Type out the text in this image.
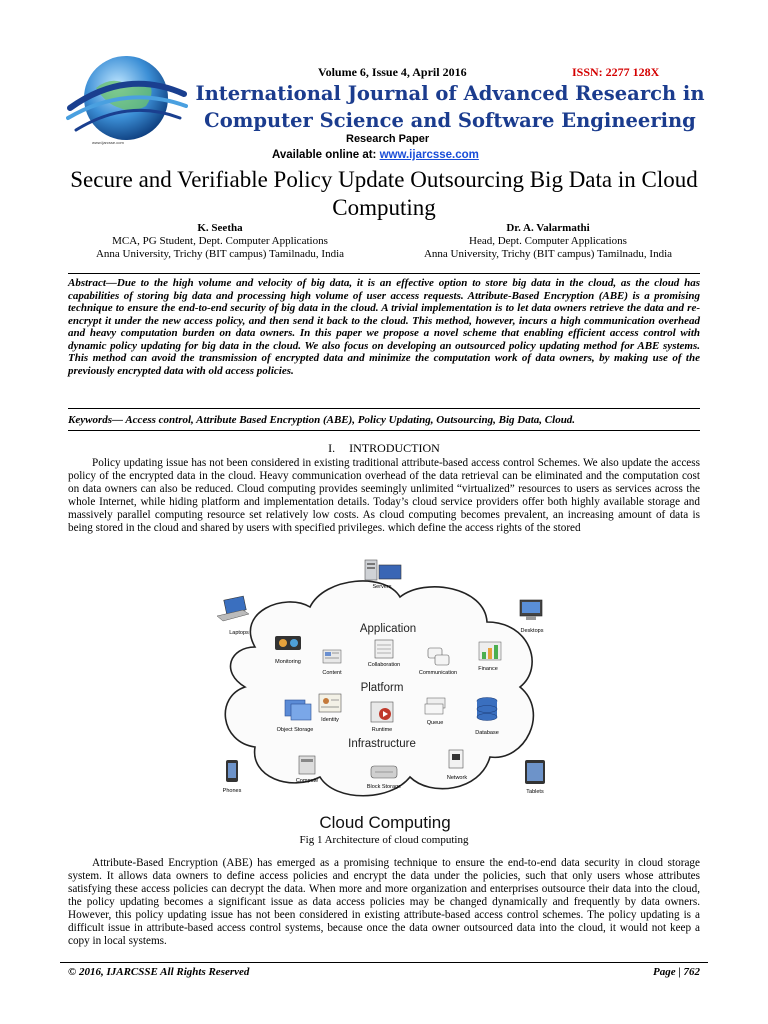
www.ijarcsse.com
Volume 6, Issue 4, April 2016	ISSN: 2277 128X
International Journal of Advanced Research in Computer Science and Software Engineering
Research Paper
Available online at: www.ijarcsse.com
Secure and Verifiable Policy Update Outsourcing Big Data in Cloud Computing
K. Seetha
MCA, PG Student, Dept. Computer Applications
Anna University, Trichy (BIT campus) Tamilnadu, India
Dr. A. Valarmathi
Head, Dept. Computer Applications
Anna University, Trichy (BIT campus) Tamilnadu, India
Abstract—Due to the high volume and velocity of big data, it is an effective option to store big data in the cloud, as the cloud has capabilities of storing big data and processing high volume of user access requests. Attribute-Based Encryption (ABE) is a promising technique to ensure the end-to-end security of big data in the cloud. A trivial implementation is to let data owners retrieve the data and re-encrypt it under the new access policy, and then send it back to the cloud. This method, however, incurs a high communication overhead and heavy computation burden on data owners. In this paper we propose a novel scheme that enabling efficient access control with dynamic policy updating for big data in the cloud. We also focus on developing an outsourced policy updating method for ABE systems. This method can avoid the transmission of encrypted data and minimize the computation work of data owners, by making use of the previously encrypted data with old access policies.
Keywords— Access control, Attribute Based Encryption (ABE), Policy Updating, Outsourcing, Big Data, Cloud.
I. INTRODUCTION
Policy updating issue has not been considered in existing traditional attribute-based access control Schemes. We also update the access policy of the encrypted data in the cloud. Heavy communication overhead of the data retrieval can be eliminated and the computation cost on data owners can also be reduced. Cloud computing provides seemingly unlimited “virtualized” resources to users as services across the whole Internet, while hiding platform and implementation details. Today’s cloud service providers offer both highly available storage and massively parallel computing resource set relatively low costs. As cloud computing becomes prevalent, an increasing amount of data is being stored in the cloud and shared by users with specified privileges. which define the access rights of the stored
Servers
Laptops	Desktops
Phones	Tablets
Application
Platform
Infrastructure
Monitoring
Content
Collaboration
Communication
Finance
Identity
Object Storage	Runtime
Queue
Database
Compute
Block Storage
Network
Cloud Computing
Fig 1 Architecture of cloud computing
Attribute-Based Encryption (ABE) has emerged as a promising technique to ensure the end-to-end data security in cloud storage system. It allows data owners to define access policies and encrypt the data under the policies, such that only users whose attributes satisfying these access policies can decrypt the data. When more and more organization and enterprises outsource their data into the cloud, the policy updating becomes a significant issue as data access policies may be changed dynamically and frequently by data owners. However, this policy updating issue has not been considered in existing attribute-based access control schemes. The policy updating is a difficult issue in attribute-based access control systems, because once the data owner outsourced data into the cloud, it would not keep a copy in local systems.
© 2016, IJARCSSE All Rights Reserved	Page | 762
